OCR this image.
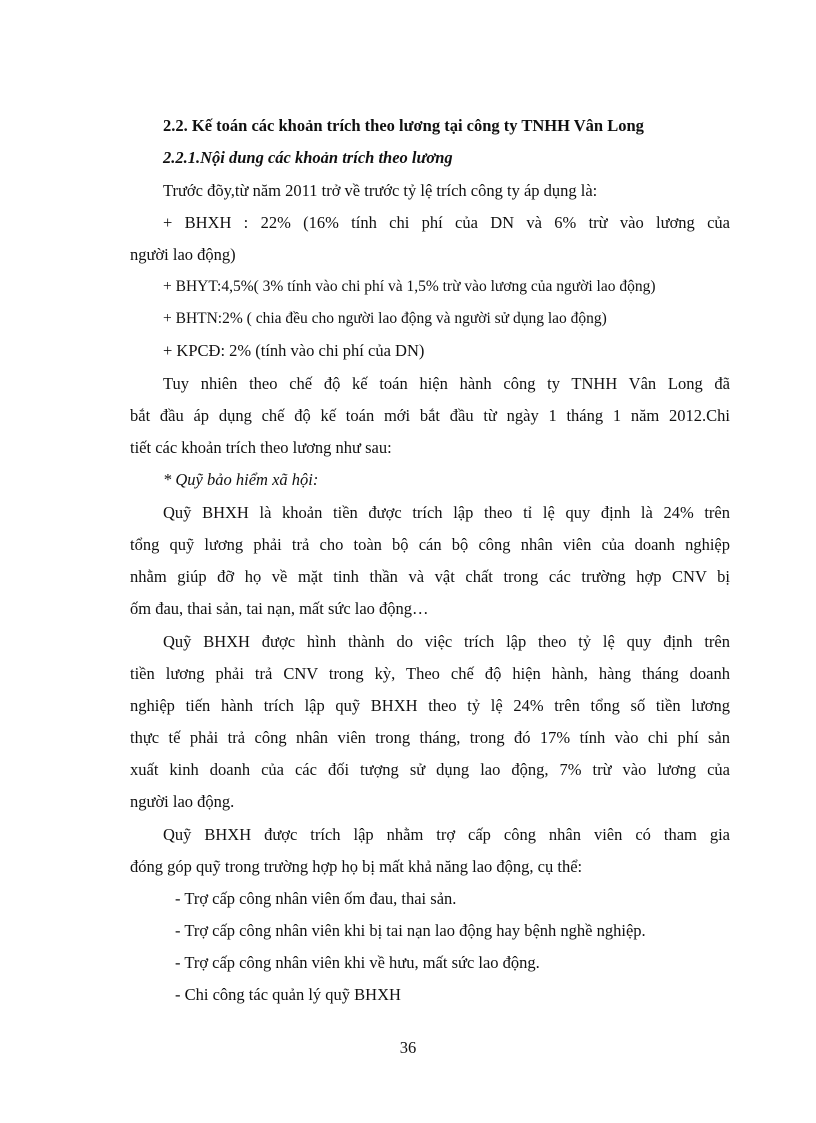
2.2. Kế toán các khoản trích theo lương tại công ty TNHH Vân Long
2.2.1.Nội dung các khoản trích theo lương
Trước đõy,từ năm 2011 trở về trước tỷ lệ trích công ty áp dụng là:
+ BHXH : 22% (16% tính chi phí của DN và 6% trừ vào lương của
người lao động)
+ BHYT:4,5%( 3% tính vào chi phí và 1,5% trừ vào lương của người lao động)
+ BHTN:2% ( chia đều cho người lao động và người sử dụng lao động)
+ KPCĐ: 2% (tính vào chi phí của DN)
Tuy nhiên theo chế độ kế toán hiện hành công ty TNHH Vân Long đã
bắt đầu áp dụng chế độ kế toán mới bắt đầu từ ngày 1 tháng 1 năm 2012.Chi
tiết các khoản trích theo lương như sau:
* Quỹ bảo hiểm xã hội:
Quỹ BHXH là khoản tiền được trích lập theo tỉ lệ quy định là 24% trên
tổng quỹ lương phải trả cho toàn bộ cán bộ công nhân viên của doanh nghiệp
nhằm giúp đỡ họ về mặt tinh thần và vật chất trong các trường hợp CNV bị
ốm đau, thai sản, tai nạn, mất sức lao động…
Quỹ BHXH được hình thành do việc trích lập theo tỷ lệ quy định trên
tiền lương phải trả CNV trong kỳ, Theo chế độ hiện hành, hàng tháng doanh
nghiệp tiến hành trích lập quỹ BHXH theo tỷ lệ 24% trên tổng số tiền lương
thực tế phải trả công nhân viên trong tháng, trong đó 17% tính vào chi phí sản
xuất kinh doanh của các đối tượng sử dụng lao động, 7% trừ vào lương của
người lao động.
Quỹ BHXH được trích lập nhằm trợ cấp công nhân viên có tham gia
đóng góp quỹ trong trường hợp họ bị mất khả năng lao động, cụ thể:
- Trợ cấp công nhân viên ốm đau, thai sản.
- Trợ cấp công nhân viên khi bị tai nạn lao động hay bệnh nghề nghiệp.
- Trợ cấp công nhân viên khi về hưu, mất sức lao động.
- Chi công tác quản lý quỹ BHXH
36
